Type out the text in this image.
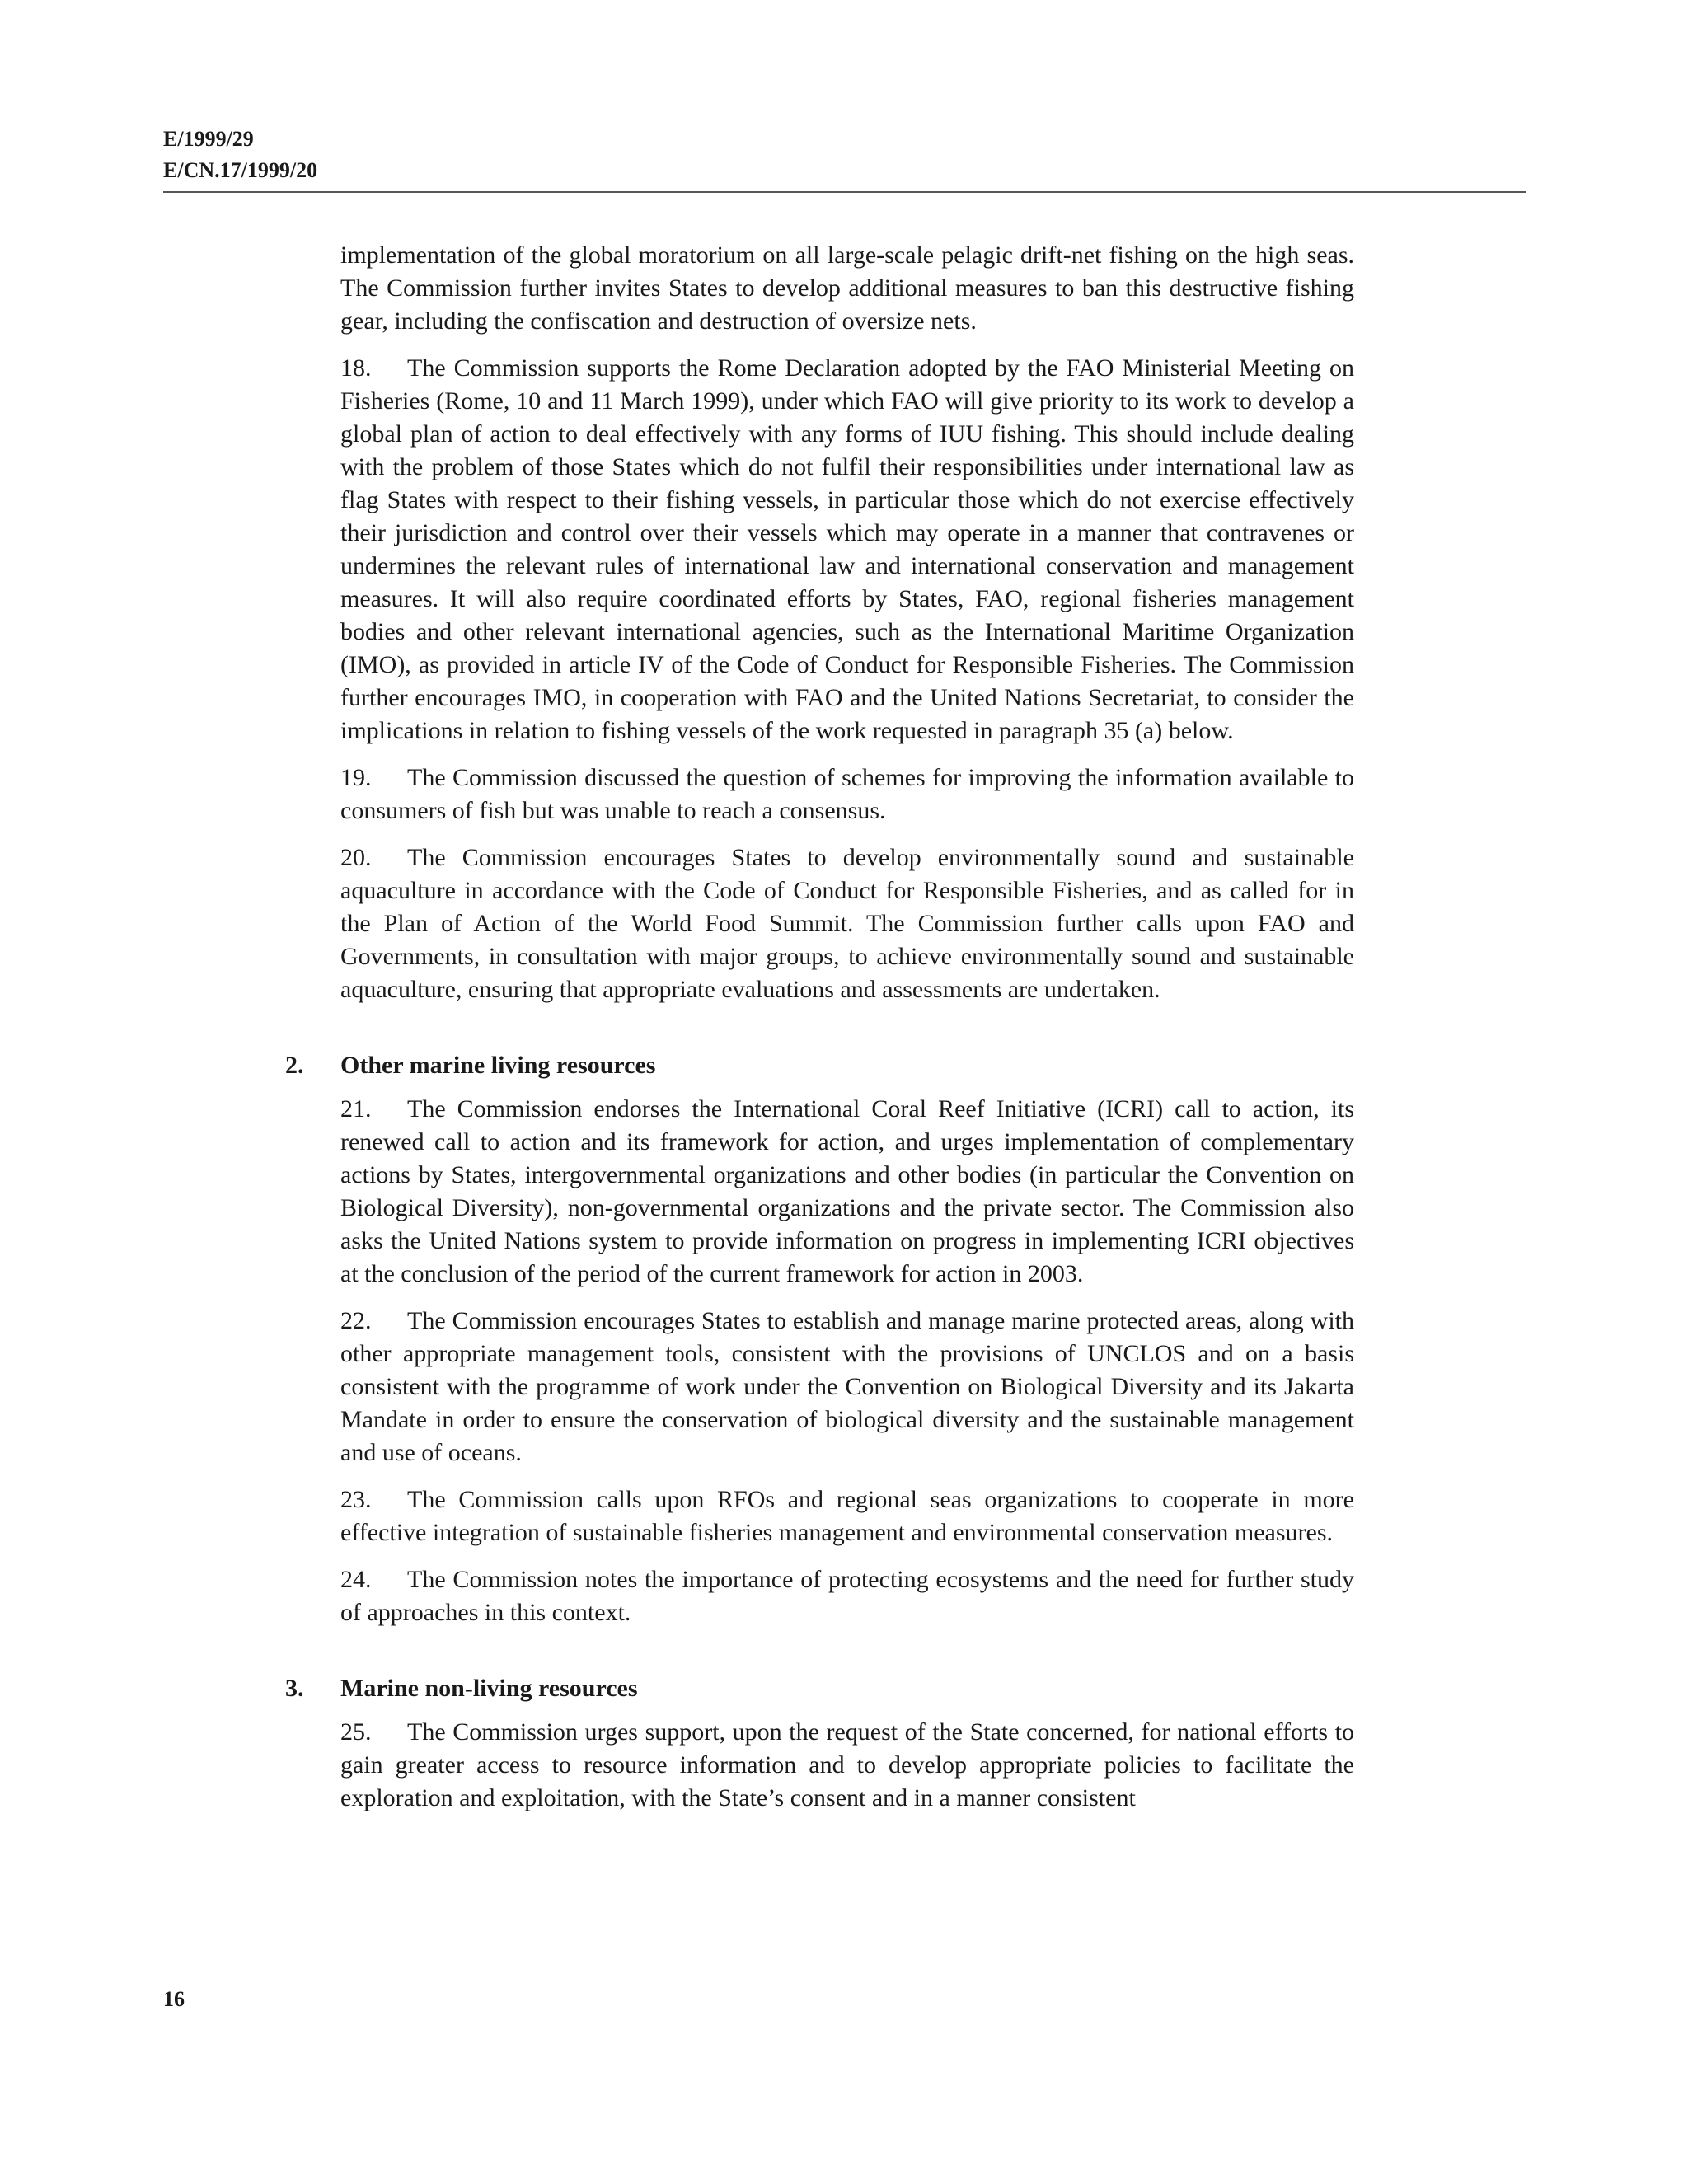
E/1999/29
E/CN.17/1999/20

implementation of the global moratorium on all large-scale pelagic drift-net fishing on the high seas. The Commission further invites States to develop additional measures to ban this destructive fishing gear, including the confiscation and destruction of oversize nets.

18. The Commission supports the Rome Declaration adopted by the FAO Ministerial Meeting on Fisheries (Rome, 10 and 11 March 1999), under which FAO will give priority to its work to develop a global plan of action to deal effectively with any forms of IUU fishing. This should include dealing with the problem of those States which do not fulfil their responsibilities under international law as flag States with respect to their fishing vessels, in particular those which do not exercise effectively their jurisdiction and control over their vessels which may operate in a manner that contravenes or undermines the relevant rules of international law and international conservation and management measures. It will also require coordinated efforts by States, FAO, regional fisheries management bodies and other relevant international agencies, such as the International Maritime Organization (IMO), as provided in article IV of the Code of Conduct for Responsible Fisheries. The Commission further encourages IMO, in cooperation with FAO and the United Nations Secretariat, to consider the implications in relation to fishing vessels of the work requested in paragraph 35 (a) below.

19. The Commission discussed the question of schemes for improving the information available to consumers of fish but was unable to reach a consensus.

20. The Commission encourages States to develop environmentally sound and sustainable aquaculture in accordance with the Code of Conduct for Responsible Fisheries, and as called for in the Plan of Action of the World Food Summit. The Commission further calls upon FAO and Governments, in consultation with major groups, to achieve environmentally sound and sustainable aquaculture, ensuring that appropriate evaluations and assessments are undertaken.

2. Other marine living resources

21. The Commission endorses the International Coral Reef Initiative (ICRI) call to action, its renewed call to action and its framework for action, and urges implementation of complementary actions by States, intergovernmental organizations and other bodies (in particular the Convention on Biological Diversity), non-governmental organizations and the private sector. The Commission also asks the United Nations system to provide information on progress in implementing ICRI objectives at the conclusion of the period of the current framework for action in 2003.

22. The Commission encourages States to establish and manage marine protected areas, along with other appropriate management tools, consistent with the provisions of UNCLOS and on a basis consistent with the programme of work under the Convention on Biological Diversity and its Jakarta Mandate in order to ensure the conservation of biological diversity and the sustainable management and use of oceans.

23. The Commission calls upon RFOs and regional seas organizations to cooperate in more effective integration of sustainable fisheries management and environmental conservation measures.

24. The Commission notes the importance of protecting ecosystems and the need for further study of approaches in this context.

3. Marine non-living resources

25. The Commission urges support, upon the request of the State concerned, for national efforts to gain greater access to resource information and to develop appropriate policies to facilitate the exploration and exploitation, with the State’s consent and in a manner consistent

16
